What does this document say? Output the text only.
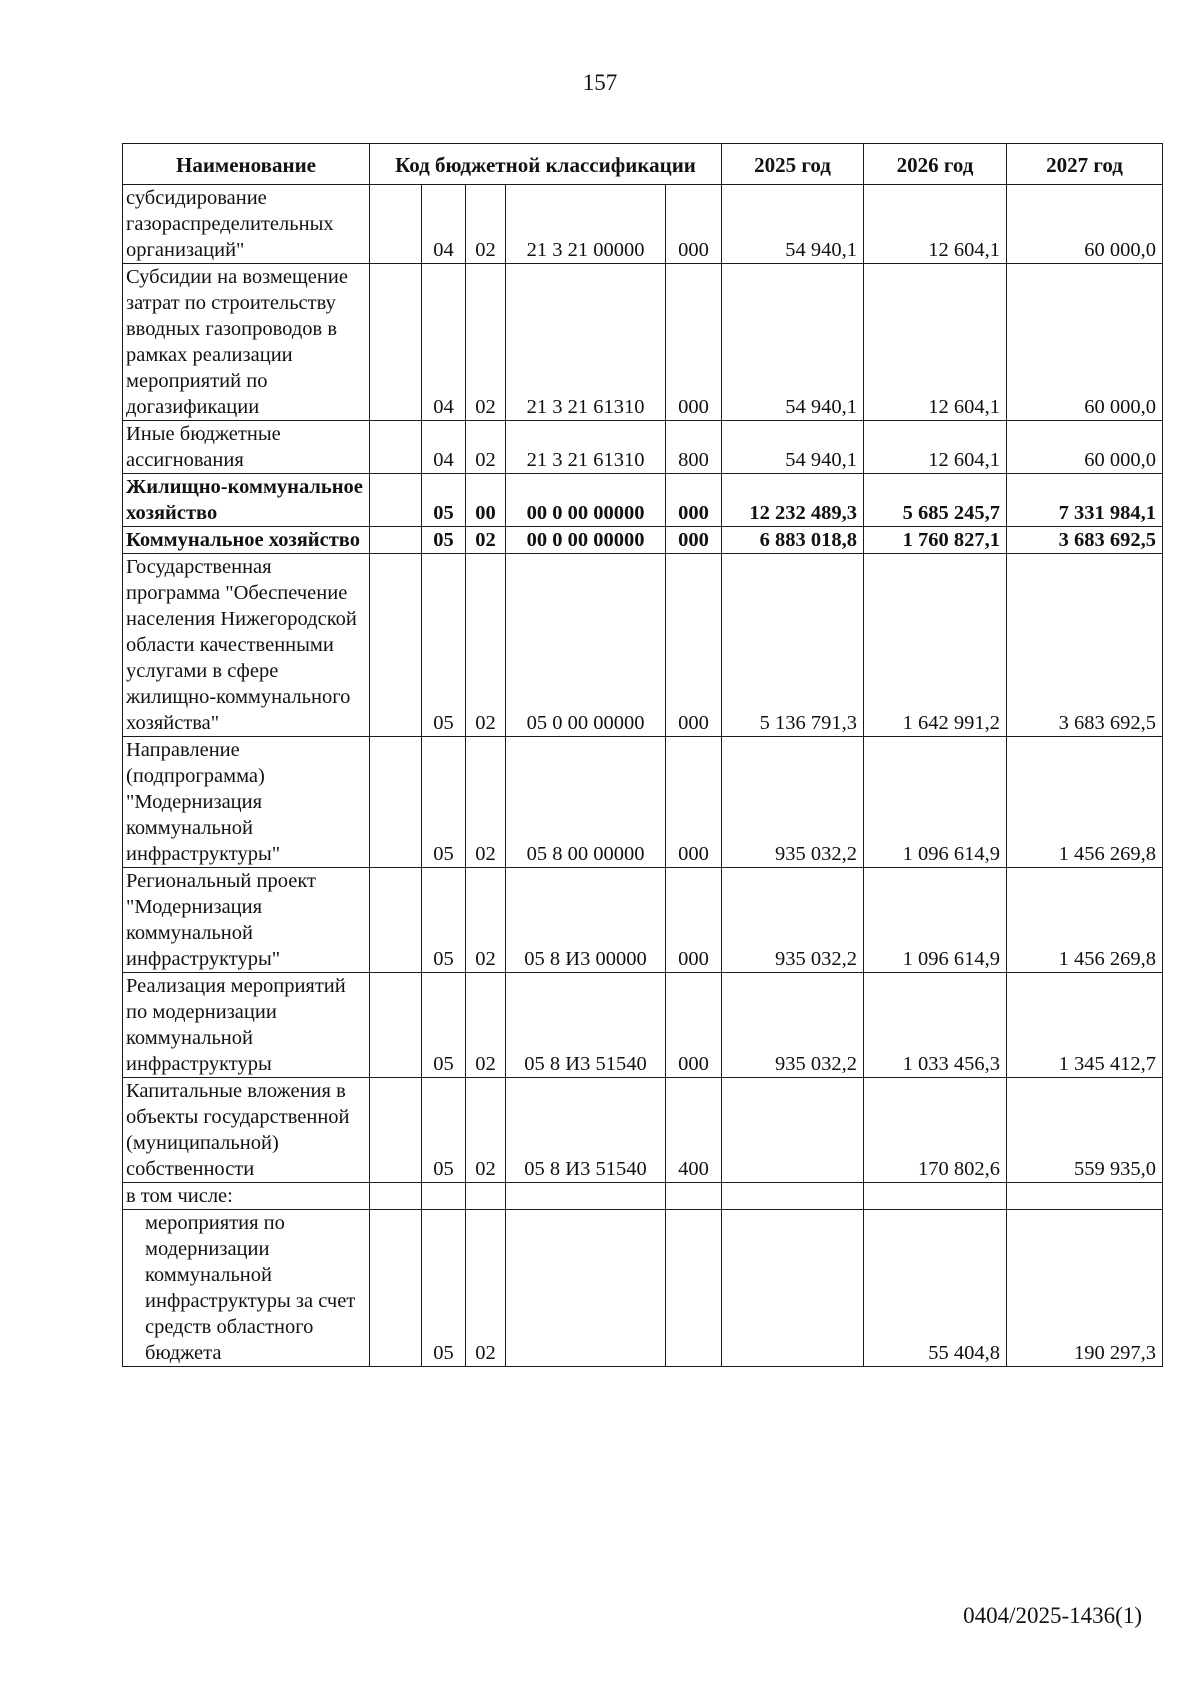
157
Наименование	Код бюджетной классификации					2025 год	2026 год	2027 год
субсидирование газораспределительных организаций"		04	02	21 3 21 00000	000	54 940,1	12 604,1	60 000,0
Субсидии на возмещение затрат по строительству вводных газопроводов в рамках реализации мероприятий по догазификации		04	02	21 3 21 61310	000	54 940,1	12 604,1	60 000,0
Иные бюджетные ассигнования		04	02	21 3 21 61310	800	54 940,1	12 604,1	60 000,0
Жилищно-коммунальное хозяйство		05	00	00 0 00 00000	000	12 232 489,3	5 685 245,7	7 331 984,1
Коммунальное хозяйство		05	02	00 0 00 00000	000	6 883 018,8	1 760 827,1	3 683 692,5
Государственная программа "Обеспечение населения Нижегородской области качественными услугами в сфере жилищно-коммунального хозяйства"		05	02	05 0 00 00000	000	5 136 791,3	1 642 991,2	3 683 692,5
Направление (подпрограмма) "Модернизация коммунальной инфраструктуры"		05	02	05 8 00 00000	000	935 032,2	1 096 614,9	1 456 269,8
Региональный проект "Модернизация коммунальной инфраструктуры"		05	02	05 8 И3 00000	000	935 032,2	1 096 614,9	1 456 269,8
Реализация мероприятий по модернизации коммунальной инфраструктуры		05	02	05 8 И3 51540	000	935 032,2	1 033 456,3	1 345 412,7
Капитальные вложения в объекты государственной (муниципальной) собственности		05	02	05 8 И3 51540	400		170 802,6	559 935,0
в том числе:								
мероприятия по модернизации коммунальной инфраструктуры за счет средств областного бюджета		05	02				55 404,8	190 297,3
0404/2025-1436(1)
